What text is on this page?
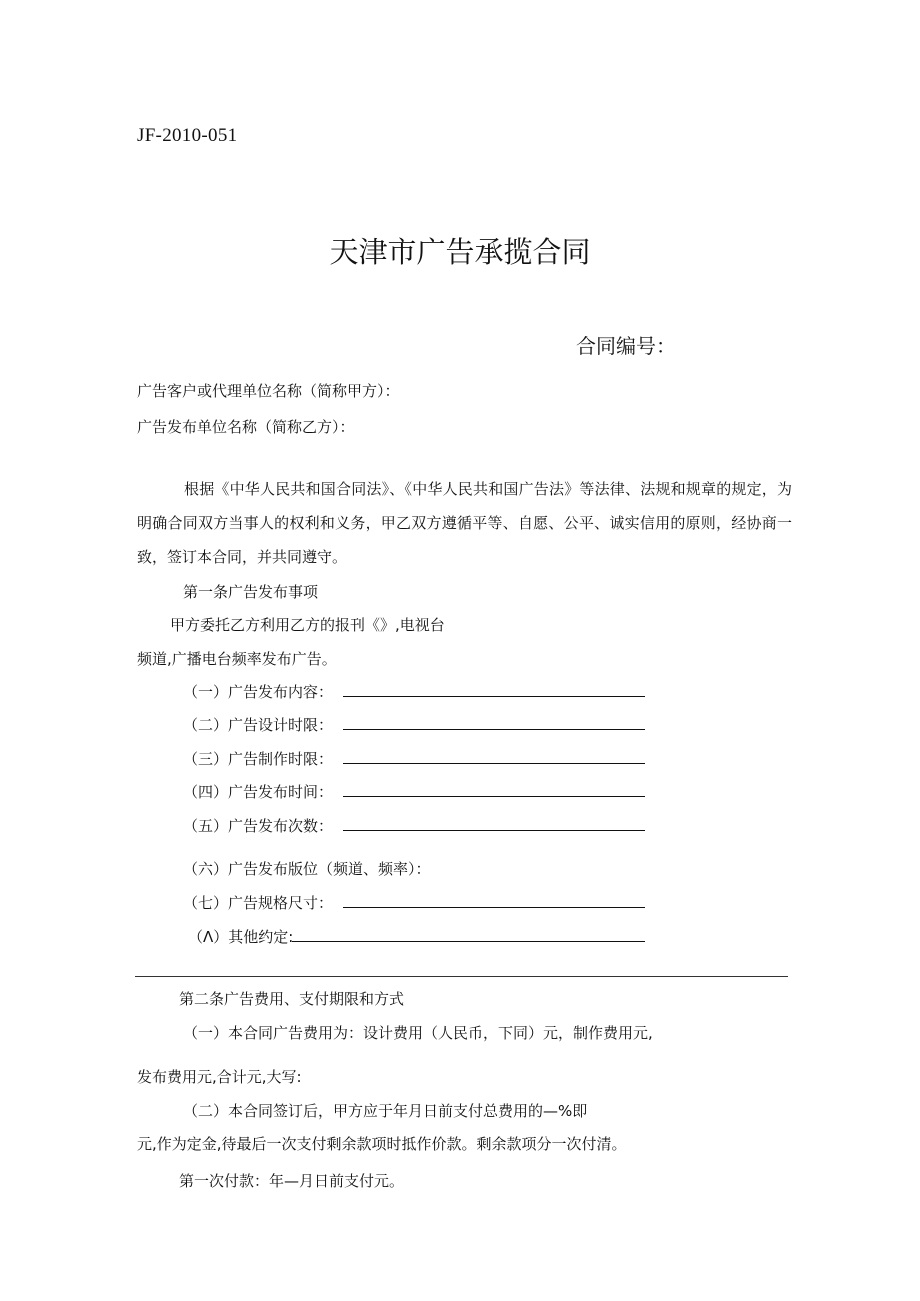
JF-2010-051
天津市广告承揽合同
合同编号：
广告客户或代理单位名称（简称甲方）：
广告发布单位名称（简称乙方）：
根据《中华人民共和国合同法》、《中华人民共和国广告法》等法律、法规和规章的规定，为明确合同双方当事人的权利和义务，甲乙双方遵循平等、自愿、公平、诚实信用的原则，经协商一致，签订本合同，并共同遵守。
第一条广告发布事项
甲方委托乙方利用乙方的报刊《》,电视台
频道,广播电台频率发布广告。
（一）广告发布内容：
（二）广告设计时限：
（三）广告制作时限：
（四）广告发布时间：
（五）广告发布次数：
（六）广告发布版位（频道、频率）：
（七）广告规格尺寸：
（Λ）其他约定:
第二条广告费用、支付期限和方式
（一）本合同广告费用为：设计费用（人民币，下同）元，制作费用元,
发布费用元,合计元,大写:
（二）本合同签订后，甲方应于年月日前支付总费用的—%即
元,作为定金,待最后一次支付剩余款项时抵作价款。剩余款项分一次付清。
第一次付款：年—月日前支付元。
